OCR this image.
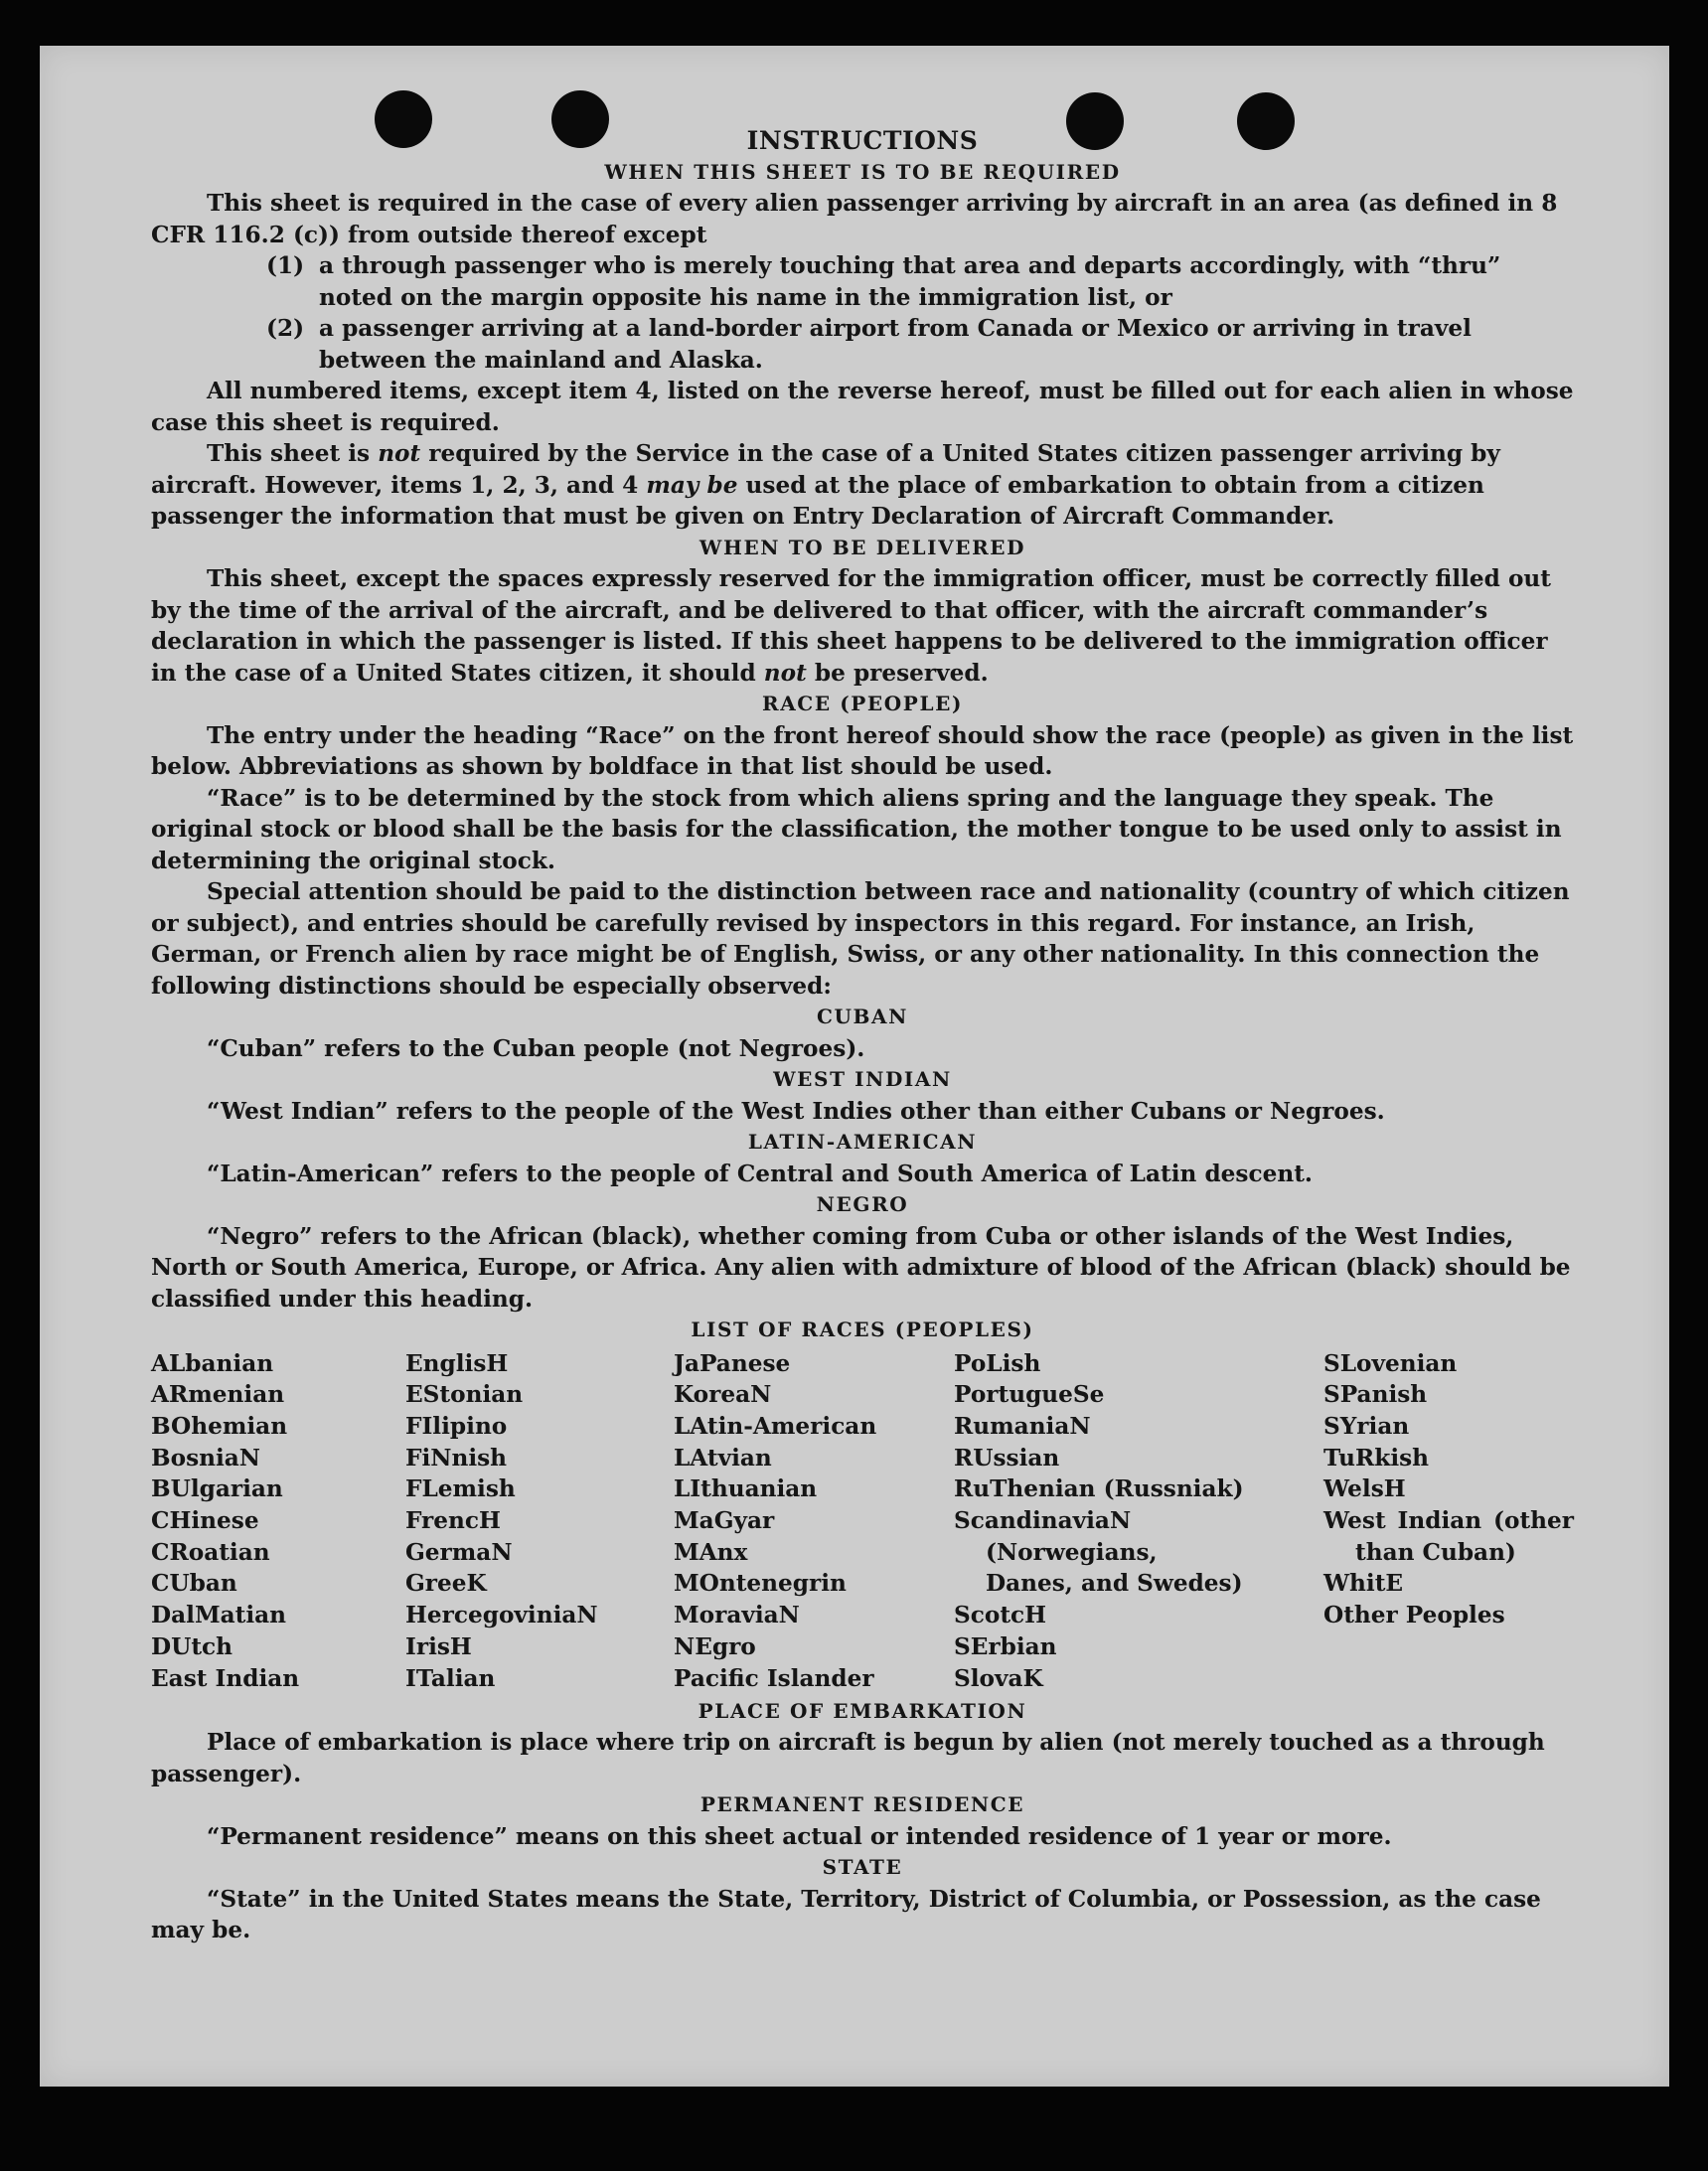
INSTRUCTIONS

WHEN THIS SHEET IS TO BE REQUIRED

This sheet is required in the case of every alien passenger arriving by aircraft in an area (as defined in 8 CFR 116.2 (c)) from outside thereof except

(1) a through passenger who is merely touching that area and departs accordingly, with “thru” noted on the margin opposite his name in the immigration list, or
(2) a passenger arriving at a land-border airport from Canada or Mexico or arriving in travel between the mainland and Alaska.

All numbered items, except item 4, listed on the reverse hereof, must be filled out for each alien in whose case this sheet is required.

This sheet is not required by the Service in the case of a United States citizen passenger arriving by aircraft. However, items 1, 2, 3, and 4 may be used at the place of embarkation to obtain from a citizen passenger the information that must be given on Entry Declaration of Aircraft Commander.

WHEN TO BE DELIVERED

This sheet, except the spaces expressly reserved for the immigration officer, must be correctly filled out by the time of the arrival of the aircraft, and be delivered to that officer, with the aircraft commander’s declaration in which the passenger is listed. If this sheet happens to be delivered to the immigration officer in the case of a United States citizen, it should not be preserved.

RACE (PEOPLE)

The entry under the heading “Race” on the front hereof should show the race (people) as given in the list below. Abbreviations as shown by boldface in that list should be used.

“Race” is to be determined by the stock from which aliens spring and the language they speak. The original stock or blood shall be the basis for the classification, the mother tongue to be used only to assist in determining the original stock.

Special attention should be paid to the distinction between race and nationality (country of which citizen or subject), and entries should be carefully revised by inspectors in this regard. For instance, an Irish, German, or French alien by race might be of English, Swiss, or any other nationality. In this connection the following distinctions should be especially observed:

CUBAN

“Cuban” refers to the Cuban people (not Negroes).

WEST INDIAN

“West Indian” refers to the people of the West Indies other than either Cubans or Negroes.

LATIN-AMERICAN

“Latin-American” refers to the people of Central and South America of Latin descent.

NEGRO

“Negro” refers to the African (black), whether coming from Cuba or other islands of the West Indies, North or South America, Europe, or Africa. Any alien with admixture of blood of the African (black) should be classified under this heading.

LIST OF RACES (PEOPLES)

ALbanian
ARmenian
BOhemian
BosniaN
BUlgarian
CHinese
CRoatian
CUban
DalMatian
DUtch
East Indian
EnglisH
EStonian
FIlipino
FiNnish
FLemish
FrencH
GermaN
GreeK
HercegoviniaN
IrisH
ITalian
JaPanese
KoreaN
LAtin-American
LAtvian
LIthuanian
MaGyar
MAnx
MOntenegrin
MoraviaN
NEgro
Pacific Islander
PoLish
PortugueSe
RumaniaN
RUssian
RuThenian (Russniak)
ScandinaviaN (Norwegians, Danes, and Swedes)
ScotcH
SErbian
SlovaK
SLovenian
SPanish
SYrian
TuRkish
WelsH
West Indian (other than Cuban)
WhitE
Other Peoples

PLACE OF EMBARKATION

Place of embarkation is place where trip on aircraft is begun by alien (not merely touched as a through passenger).

PERMANENT RESIDENCE

“Permanent residence” means on this sheet actual or intended residence of 1 year or more.

STATE

“State” in the United States means the State, Territory, District of Columbia, or Possession, as the case may be.
